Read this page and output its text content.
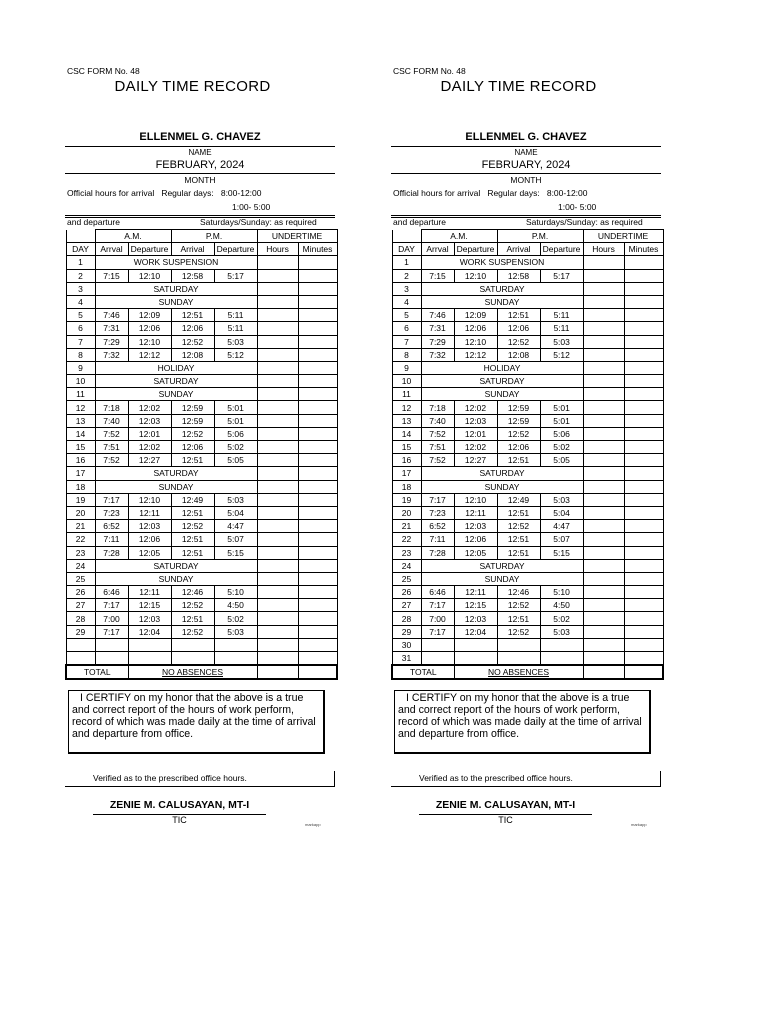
CSC FORM No. 48
DAILY TIME RECORD
ELLENMEL G. CHAVEZ
NAME
FEBRUARY, 2024
MONTH
Official hours for arrival   Regular days:   8:00-12:00
1:00- 5:00
and departure	Saturdays/Sunday: as required
	A.M.		P.M.		UNDERTIME	
DAY	Arrval	Departure	Arrival	Departure	Hours	Minutes
1	WORK SUSPENSION					
2	7:15	12:10	12:58	5:17		
3	SATURDAY					
4	SUNDAY					
5	7:46	12:09	12:51	5:11		
6	7:31	12:06	12:06	5:11		
7	7:29	12:10	12:52	5:03		
8	7:32	12:12	12:08	5:12		
9	HOLIDAY					
10	SATURDAY					
11	SUNDAY					
12	7:18	12:02	12:59	5:01		
13	7:40	12:03	12:59	5:01		
14	7:52	12:01	12:52	5:06		
15	7:51	12:02	12:06	5:02		
16	7:52	12:27	12:51	5:05		
17	SATURDAY					
18	SUNDAY					
19	7:17	12:10	12:49	5:03		
20	7:23	12:11	12:51	5:04		
21	6:52	12:03	12:52	4:47		
22	7:11	12:06	12:51	5:07		
23	7:28	12:05	12:51	5:15		
24	SATURDAY					
25	SUNDAY					
26	6:46	12:11	12:46	5:10		
27	7:17	12:15	12:52	4:50		
28	7:00	12:03	12:51	5:02		
29	7:17	12:04	12:52	5:03		

TOTAL		NO ABSENCES				

I CERTIFY on my honor that the above is a true and correct report of the hours of work perform, record of which was made daily at the time of arrival and departure from office.

Verified as to the prescribed office hours.
ZENIE M. CALUSAYAN, MT-I
TIC	markapp
CSC FORM No. 48
DAILY TIME RECORD
ELLENMEL G. CHAVEZ
NAME
FEBRUARY, 2024
MONTH
Official hours for arrival   Regular days:   8:00-12:00
1:00- 5:00
and departure	Saturdays/Sunday: as required
	A.M.		P.M.		UNDERTIME	
DAY	Arrval	Departure	Arrival	Departure	Hours	Minutes
1	WORK SUSPENSION					
2	7:15	12:10	12:58	5:17		
3	SATURDAY					
4	SUNDAY					
5	7:46	12:09	12:51	5:11		
6	7:31	12:06	12:06	5:11		
7	7:29	12:10	12:52	5:03		
8	7:32	12:12	12:08	5:12		
9	HOLIDAY					
10	SATURDAY					
11	SUNDAY					
12	7:18	12:02	12:59	5:01		
13	7:40	12:03	12:59	5:01		
14	7:52	12:01	12:52	5:06		
15	7:51	12:02	12:06	5:02		
16	7:52	12:27	12:51	5:05		
17	SATURDAY					
18	SUNDAY					
19	7:17	12:10	12:49	5:03		
20	7:23	12:11	12:51	5:04		
21	6:52	12:03	12:52	4:47		
22	7:11	12:06	12:51	5:07		
23	7:28	12:05	12:51	5:15		
24	SATURDAY					
25	SUNDAY					
26	6:46	12:11	12:46	5:10		
27	7:17	12:15	12:52	4:50		
28	7:00	12:03	12:51	5:02		
29	7:17	12:04	12:52	5:03		
30						
31						
TOTAL		NO ABSENCES				

I CERTIFY on my honor that the above is a true and correct report of the hours of work perform, record of which was made daily at the time of arrival and departure from office.

Verified as to the prescribed office hours.
ZENIE M. CALUSAYAN, MT-I
TIC	markapp
